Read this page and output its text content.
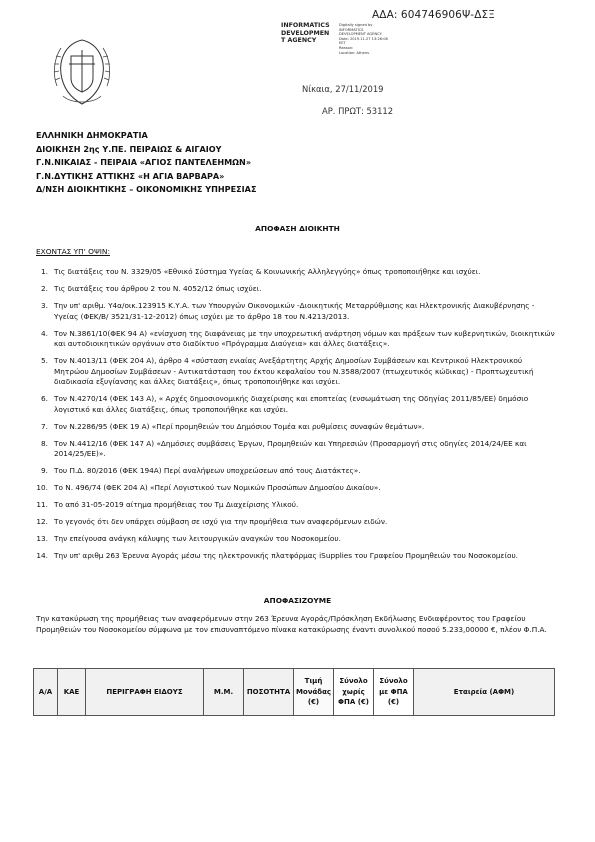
ΑΔΑ: 604746906Ψ-ΔΣΞ
INFORMATICS
DEVELOPMEN
T AGENCY
Digitally signed by
INFORMATICS
DEVELOPMENT AGENCY
Date: 2019.11.27 13:26:08
EET
Reason:
Location: Athens
Νίκαια, 27/11/2019
ΑΡ. ΠΡΩΤ: 53112
ΕΛΛΗΝΙΚΗ ΔΗΜΟΚΡΑΤΙΑ
ΔΙΟΙΚΗΣΗ 2ης Υ.ΠΕ. ΠΕΙΡΑΙΩΣ & ΑΙΓΑΙΟΥ
Γ.Ν.ΝΙΚΑΙΑΣ - ΠΕΙΡΑΙΑ «ΑΓΙΟΣ ΠΑΝΤΕΛΕΗΜΩΝ»
Γ.Ν.ΔΥΤΙΚΗΣ ΑΤΤΙΚΗΣ «Η ΑΓΙΑ ΒΑΡΒΑΡΑ»
Δ/ΝΣΗ ΔΙΟΙΚΗΤΙΚΗΣ – ΟΙΚΟΝΟΜΙΚΗΣ ΥΠΗΡΕΣΙΑΣ
ΑΠΟΦΑΣΗ ΔΙΟΙΚΗΤΗ
ΕΧΟΝΤΑΣ ΥΠ' ΟΨΙΝ:
1. Τις διατάξεις του Ν. 3329/05 «Εθνικό Σύστημα Υγείας & Κοινωνικής Αλληλεγγύης» όπως τροποποιήθηκε και ισχύει.
2. Τις διατάξεις του άρθρου 2 του Ν. 4052/12 όπως ισχύει.
3. Την υπ' αριθμ. Υ4α/οικ.123915 Κ.Υ.Α. των Υπουργών Οικονομικών -Διοικητικής Μεταρρύθμισης και Ηλεκτρονικής Διακυβέρνησης - Υγείας (ΦΕΚ/Β/ 3521/31-12-2012) όπως ισχύει με το άρθρο 18 του Ν.4213/2013.
4. Τον Ν.3861/10(ΦΕΚ 94 Α) «ενίσχυση της διαφάνειας με την υποχρεωτική ανάρτηση νόμων και πράξεων των κυβερνητικών, διοικητικών και αυτοδιοικητικών οργάνων στο διαδίκτυο «Πρόγραμμα Διαύγεια» και άλλες διατάξεις».
5. Τον Ν.4013/11 (ΦΕΚ 204 Α), άρθρο 4 «σύσταση ενιαίας Ανεξάρτητης Αρχής Δημοσίων Συμβάσεων και Κεντρικού Ηλεκτρονικού Μητρώου Δημοσίων Συμβάσεων - Αντικατάσταση του έκτου κεφαλαίου του Ν.3588/2007 (πτωχευτικός κώδικας) - Προπτωχευτική διαδικασία εξυγίανσης και άλλες διατάξεις», όπως τροποποιήθηκε και ισχύει.
6. Τον Ν.4270/14 (ΦΕΚ 143 Α), « Αρχές δημοσιονομικής διαχείρισης και εποπτείας (ενσωμάτωση της Οδηγίας 2011/85/ΕΕ) δημόσιο λογιστικό και άλλες διατάξεις, όπως τροποποιήθηκε και ισχύει.
7. Τον Ν.2286/95 (ΦΕΚ 19 Α) «Περί προμηθειών του Δημόσιου Τομέα και ρυθμίσεις συναφών θεμάτων».
8. Τον Ν.4412/16 (ΦΕΚ 147 Α) «Δημόσιες συμβάσεις Έργων, Προμηθειών και Υπηρεσιών (Προσαρμογή στις οδηγίες 2014/24/ΕΕ και 2014/25/ΕΕ)».
9. Του Π.Δ. 80/2016 (ΦΕΚ 194Α) Περί αναλήψεων υποχρεώσεων από τους Διατάκτες».
10. Το Ν. 496/74 (ΦΕΚ 204 Α) «Περί Λογιστικού των Νομικών Προσώπων Δημοσίου Δικαίου».
11. Το από 31-05-2019 αίτημα προμήθειας του Τμ Διαχείρισης Υλικού.
12. Το γεγονός ότι δεν υπάρχει σύμβαση σε ισχύ για την προμήθεια των αναφερόμενων ειδών.
13. Την επείγουσα ανάγκη κάλυψης των λειτουργικών αναγκών του Νοσοκομείου.
14. Την υπ' αριθμ 263 Έρευνα Αγοράς μέσω της ηλεκτρονικής πλατφόρμας iSupplies του Γραφείου Προμηθειών του Νοσοκομείου.
ΑΠΟΦΑΣΙΖΟΥΜΕ
Την κατακύρωση της προμήθειας των αναφερόμενων στην 263 Έρευνα Αγοράς/Πρόσκληση Εκδήλωσης Ενδιαφέροντος του Γραφείου Προμηθειών του Νοσοκομείου σύμφωνα με τον επισυναπτόμενο πίνακα κατακύρωσης έναντι συνολικού ποσού 5.233,00000 €, πλέον Φ.Π.Α.
Α/Α	ΚΑΕ	ΠΕΡΙΓΡΑΦΗ ΕΙΔΟΥΣ	Μ.Μ.	ΠΟΣΟΤΗΤΑ	Τιμή
Μονάδας
(€)	Σύνολο
χωρίς
ΦΠΑ (€)	Σύνολο
με ΦΠΑ
(€)	Εταιρεία (ΑΦΜ)
